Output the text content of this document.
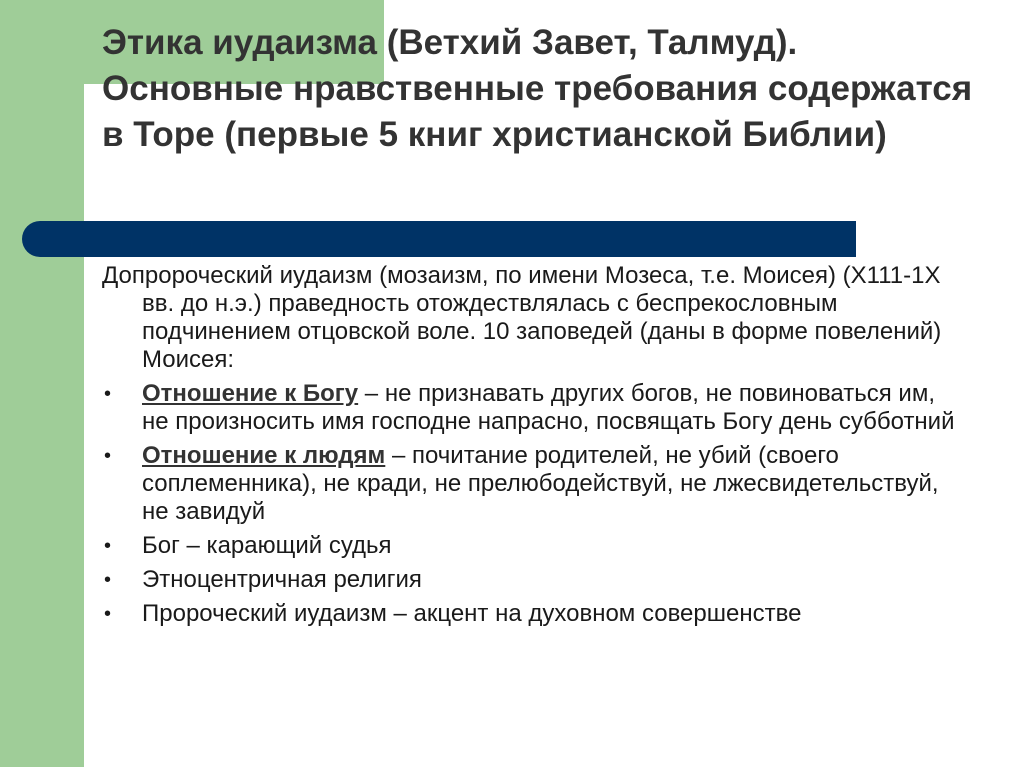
Этика иудаизма (Ветхий Завет, Талмуд). Основные нравственные требования содержатся в Торе (первые 5 книг христианской Библии)

Допророческий иудаизм (мозаизм, по имени Мозеса, т.е. Моисея) (Х111-1Х вв. до н.э.) праведность отождествлялась с беспрекословным подчинением отцовской воле. 10 заповедей (даны в форме повелений) Моисея:

• Отношение к Богу – не признавать других богов, не повиноваться им, не произносить имя господне напрасно, посвящать Богу день субботний
• Отношение к людям – почитание родителей, не убий (своего соплеменника), не кради, не прелюбодействуй, не лжесвидетельствуй, не завидуй
• Бог – карающий судья
• Этноцентричная религия
• Пророческий иудаизм – акцент на духовном совершенстве
